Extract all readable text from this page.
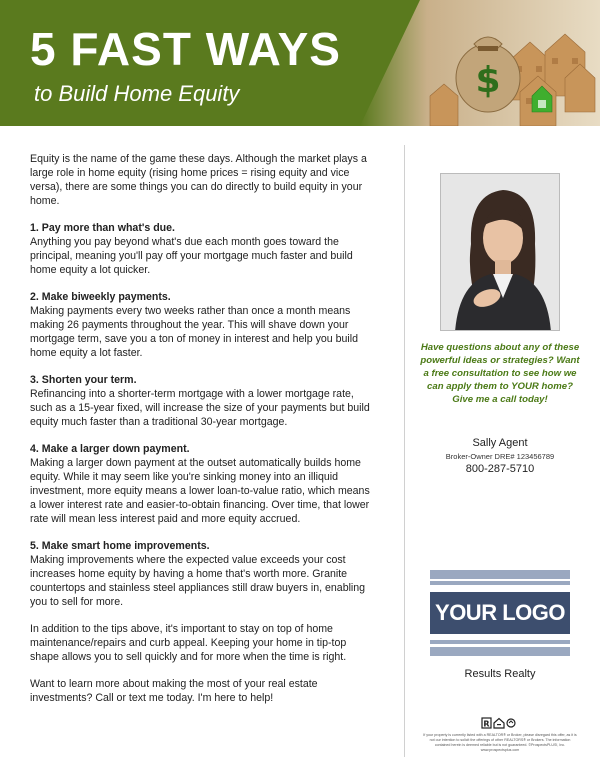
$
5 FAST WAYS
to Build Home Equity

Equity is the name of the game these days. Although the market plays a large role in home equity (rising home prices = rising equity and vice versa), there are some things you can do directly to build equity in your home.

1. Pay more than what's due.

Anything you pay beyond what's due each month goes toward the principal, meaning you'll pay off your mortgage much faster and build home equity a lot quicker.

2. Make biweekly payments.

Making payments every two weeks rather than once a month means making 26 payments throughout the year. This will shave down your mortgage term, save you a ton of money in interest and help you build home equity a lot faster.

3. Shorten your term.

Refinancing into a shorter-term mortgage with a lower mortgage rate, such as a 15-year fixed, will increase the size of your payments but build equity much faster than a traditional 30-year mortgage.

4. Make a larger down payment.

Making a larger down payment at the outset automatically builds home equity. While it may seem like you're sinking money into an illiquid investment, more equity means a lower loan-to-value ratio, which means a lower interest rate and easier-to-obtain financing. Over time, that lower rate will mean less interest paid and more equity accrued.

5. Make smart home improvements.

Making improvements where the expected value exceeds your cost increases home equity by having a home that's worth more. Granite countertops and stainless steel appliances still draw buyers in, enabling you to sell for more.

In addition to the tips above, it's important to stay on top of home maintenance/repairs and curb appeal. Keeping your home in tip-top shape allows you to sell quickly and for more when the time is right.

Want to learn more about making the most of your real estate investments? Call or text me today. I'm here to help!

Have questions about any of these powerful ideas or strategies? Want a free consultation to see how we can apply them to YOUR home? Give me a call today!
Sally Agent
Broker-Owner DRE# 123456789
800-287-5710
YOUR LOGO
Results Realty
R
If your property is currently listed with a REALTOR® or Broker, please disregard this offer, as it is not our intention to solicit the offerings of other REALTORS® or Brokers. The information contained herein is deemed reliable but is not guaranteed. ©ProspectsPLUS!, Inc. www.prospectsplus.com
